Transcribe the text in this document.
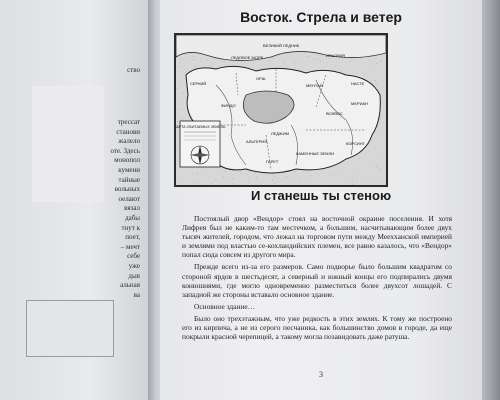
ство
трессат
станови
жалело
оте. Здесь
монопол
кумени
тайные
вольных
оелают
вязал
дабы
тнут к
поет,
– мечт
себе
уже
дыв
альная
ва
Восток. Стрела и ветер
КАРТА ОБИТАЕМЫХ ЗЕМЕЛЬ
ВЕЛИКИЙ ЛЕДНИК
ИЛЬГРИЯ
ЛЕДОВОЕ МОРЕ
СЕРКИЙ
ОРШ
НАСТЕ
МЕНТАЙ
ФИНДО
ВОЛВОС
КОРСИНГ
КАМЕННЫЕ ЗЕМЛИ
АЛЬТЕРИЯ
ЛЕДЖИМ
МЕРИАН
ГАРЕТ
И станешь ты стеною

Постоялый двор «Вендор» стоял на восточной окраине поселения. И хотя Лифрея был не каким-то там местечком, а большим, насчитывающим более двух тысяч жителей, городом, что лежал на торговом пути между Меехханской империей и землями под властью се-кохландийских племен, все равно казалось, что «Вендор» попал сюда совсем из другого мира.

Прежде всего из-за его размеров. Само подворье было большим квадратом со стороной ярдов в шестьдесят, а северный и южный концы его подпирались двумя конюшнями, где могло одновременно разместиться более двухсот лошадей. С западной же стороны вставало основное здание.

Основное здание…

Было оно трехэтажным, что уже редкость в этих землях. К тому же построено его из кирпича, а не из серого песчаника, как большинство домов в городе, да еще покрыли красной черепицей, а такому могла позавидовать даже ратуша.

3
